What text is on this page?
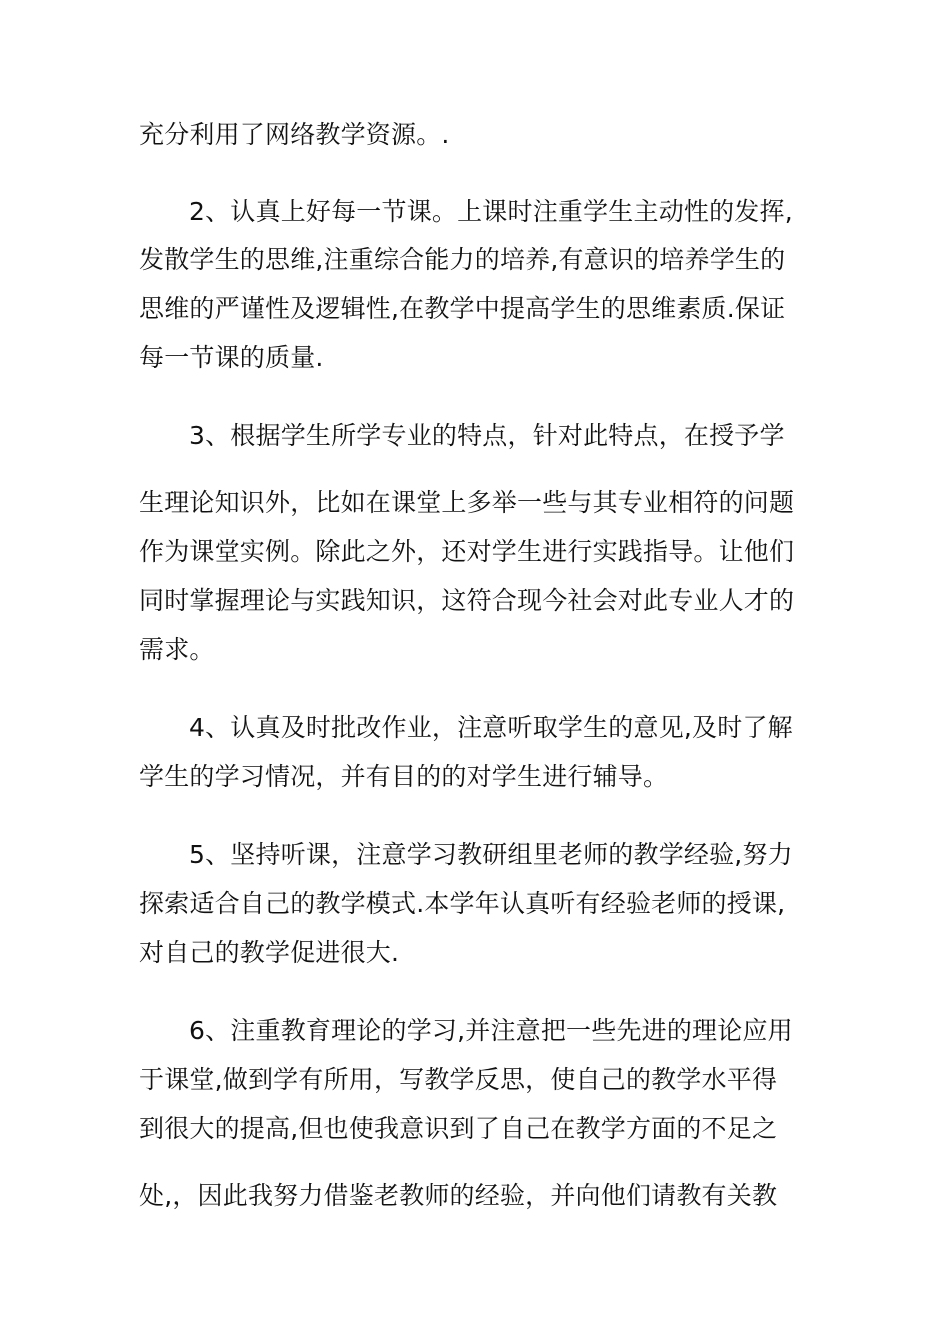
充分利用了网络教学资源。.
2、认真上好每一节课。上课时注重学生主动性的发挥,
发散学生的思维,注重综合能力的培养,有意识的培养学生的
思维的严谨性及逻辑性,在教学中提高学生的思维素质.保证
每一节课的质量.
3、根据学生所学专业的特点，针对此特点，在授予学
生理论知识外，比如在课堂上多举一些与其专业相符的问题
作为课堂实例。除此之外，还对学生进行实践指导。让他们
同时掌握理论与实践知识，这符合现今社会对此专业人才的
需求。
4、认真及时批改作业，注意听取学生的意见,及时了解
学生的学习情况，并有目的的对学生进行辅导。
5、坚持听课，注意学习教研组里老师的教学经验,努力
探索适合自己的教学模式.本学年认真听有经验老师的授课,
对自己的教学促进很大.
6、注重教育理论的学习,并注意把一些先进的理论应用
于课堂,做到学有所用，写教学反思，使自己的教学水平得
到很大的提高,但也使我意识到了自己在教学方面的不足之
处,，因此我努力借鉴老教师的经验，并向他们请教有关教
